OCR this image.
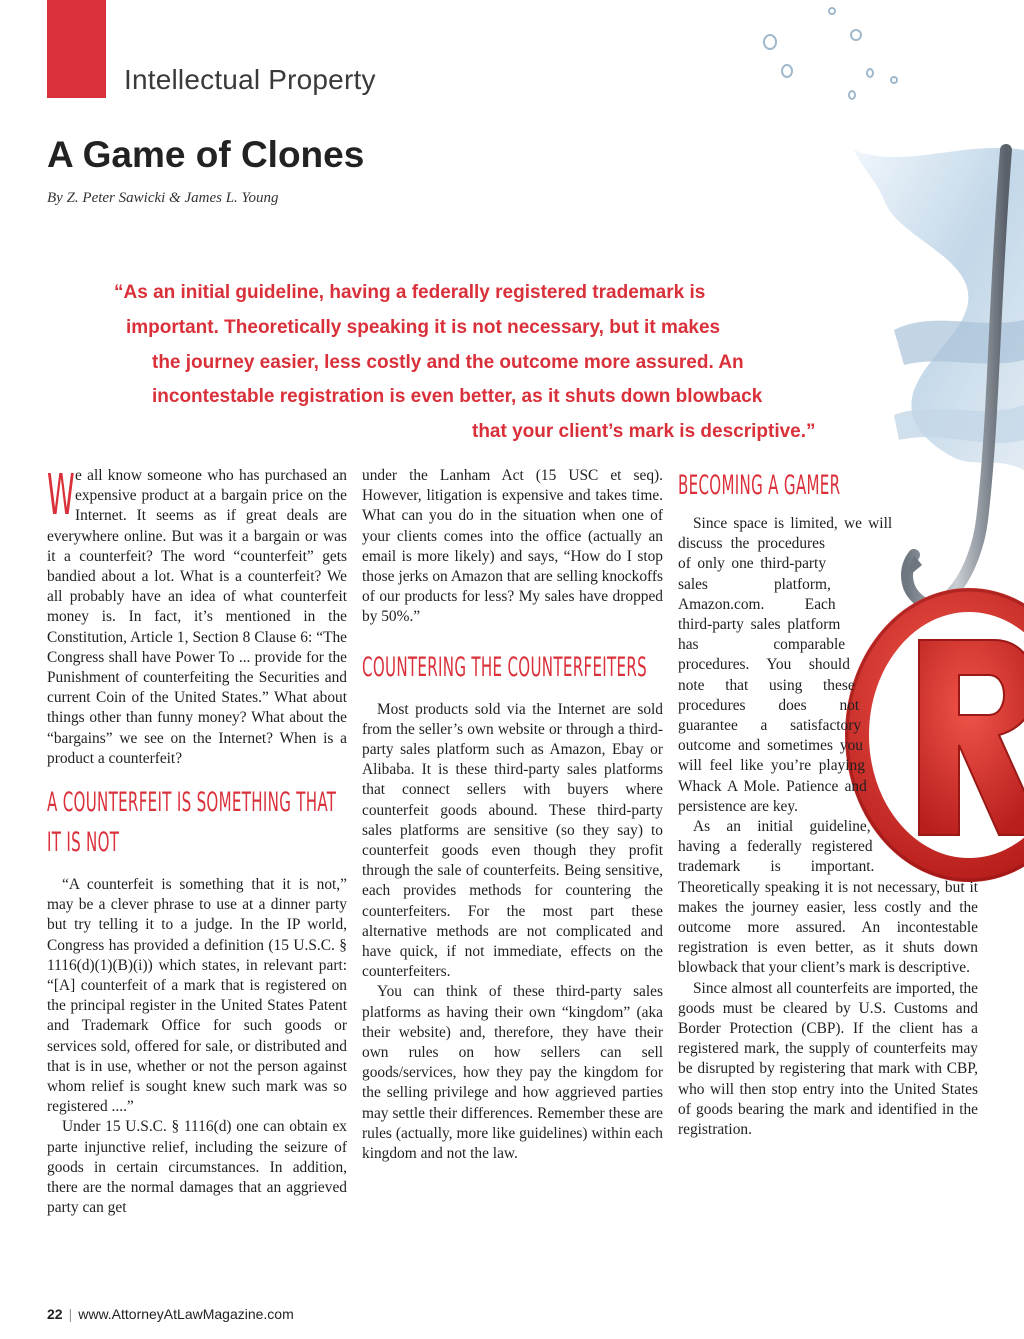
Intellectual Property
A Game of Clones
By Z. Peter Sawicki & James L. Young
“As an initial guideline, having a federally registered trademark is
important. Theoretically speaking it is not necessary, but it makes
the journey easier, less costly and the outcome more assured. An
incontestable registration is even better, as it shuts down blowback
that your client’s mark is descriptive.”

We all know someone who has purchased an expensive product at a bargain price on the Internet. It seems as if great deals are everywhere online. But was it a bargain or was it a counterfeit? The word “counterfeit” gets bandied about a lot. What is a counterfeit? We all probably have an idea of what counterfeit money is. In fact, it’s mentioned in the Constitution, Article 1, Section 8 Clause 6: “The Congress shall have Power To ... provide for the Punishment of counterfeiting the Securities and current Coin of the United States.” What about things other than funny money? What about the “bargains” we see on the Internet? When is a product a counterfeit?

A COUNTERFEIT IS SOMETHING THAT IT IS NOT

“A counterfeit is something that it is not,” may be a clever phrase to use at a dinner party but try telling it to a judge. In the IP world, Congress has provided a definition (15 U.S.C. § 1116(d)(1)(B)(i)) which states, in relevant part: “[A] counterfeit of a mark that is registered on the principal register in the United States Patent and Trademark Office for such goods or services sold, offered for sale, or distributed and that is in use, whether or not the person against whom relief is sought knew such mark was so registered ....”

Under 15 U.S.C. § 1116(d) one can obtain ex parte injunctive relief, including the seizure of goods in certain circumstances. In addition, there are the normal damages that an aggrieved party can get

under the Lanham Act (15 USC et seq). However, litigation is expensive and takes time. What can you do in the situation when one of your clients comes into the office (actually an email is more likely) and says, “How do I stop those jerks on Amazon that are selling knockoffs of our products for less? My sales have dropped by 50%.”

COUNTERING THE COUNTERFEITERS

Most products sold via the Internet are sold from the seller’s own website or through a third-party sales platform such as Amazon, Ebay or Alibaba. It is these third-party sales platforms that connect sellers with buyers where counterfeit goods abound. These third-party sales platforms are sensitive (so they say) to counterfeit goods even though they profit through the sale of counterfeits. Being sensitive, each provides methods for countering the counterfeiters. For the most part these alternative methods are not complicated and have quick, if not immediate, effects on the counterfeiters.

You can think of these third-party sales platforms as having their own “kingdom” (aka their website) and, therefore, they have their own rules on how sellers can sell goods/services, how they pay the kingdom for the selling privilege and how aggrieved parties may settle their differences. Remember these are rules (actually, more like guidelines) within each kingdom and not the law.

BECOMING A GAMER

Since space is limited, we will discuss the procedures of only one third-party sales platform, Amazon.com. Each third-party sales platform has comparable procedures. You should note that using these procedures does not guarantee a satisfactory outcome and sometimes you will feel like you’re playing Whack A Mole. Patience and persistence are key.

As an initial guideline, having a federally registered trademark is important. Theoretically speaking it is not necessary, but it makes the journey easier, less costly and the outcome more assured. An incontestable registration is even better, as it shuts down blowback that your client’s mark is descriptive.

Since almost all counterfeits are imported, the goods must be cleared by U.S. Customs and Border Protection (CBP). If the client has a registered mark, the supply of counterfeits may be disrupted by registering that mark with CBP, who will then stop entry into the United States of goods bearing the mark and identified in the registration.

22 | www.AttorneyAtLawMagazine.com
